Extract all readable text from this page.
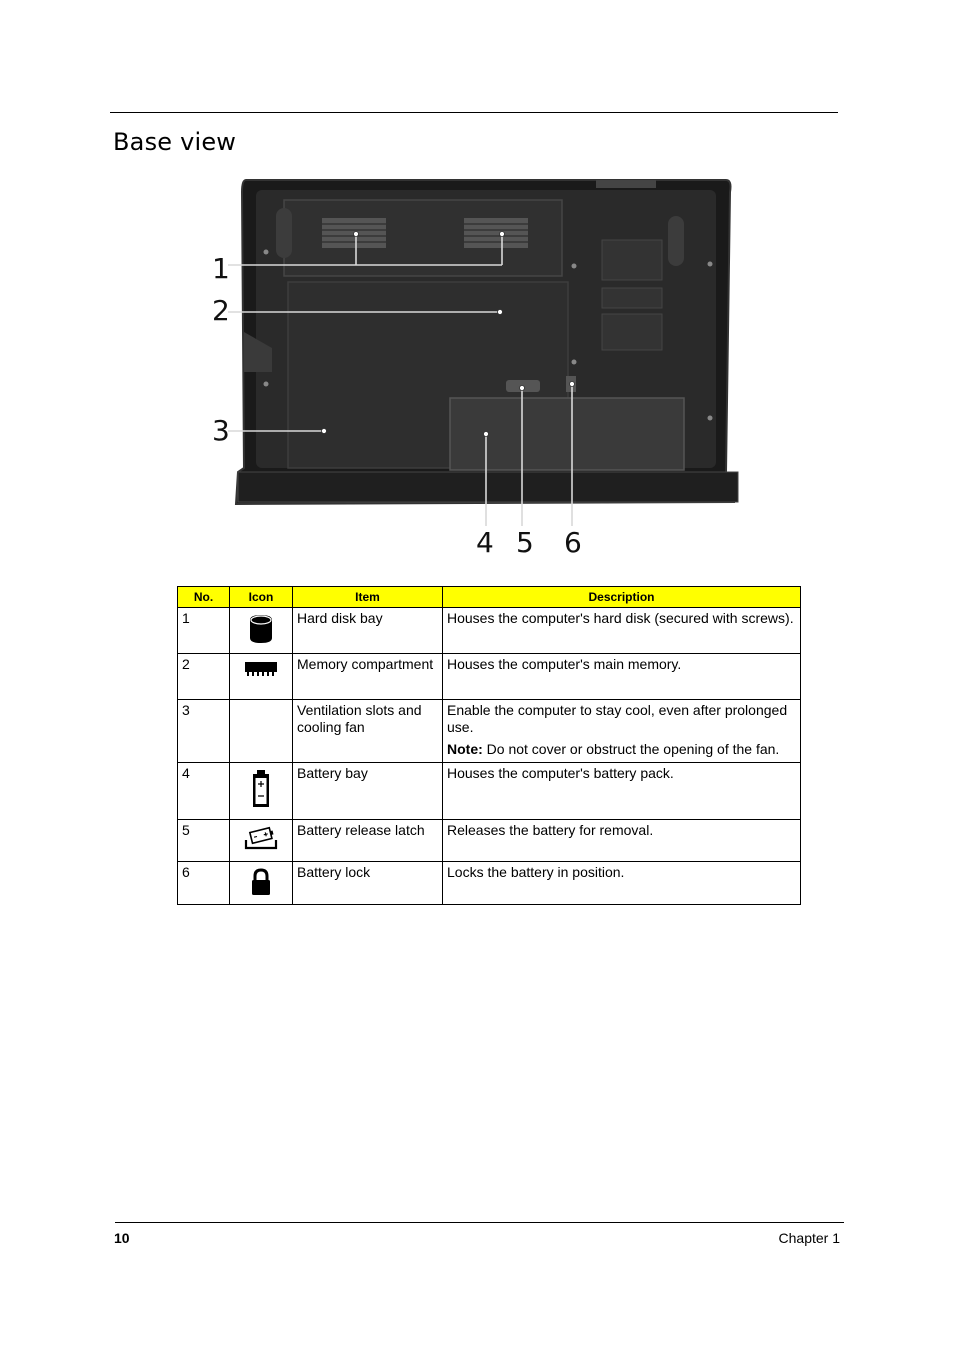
Base view
1
2
3
4 5 6
No.	Icon	Item	Description
1		Hard disk bay	Houses the computer's hard disk (secured with screws).
2		Memory compartment	Houses the computer's main memory.
3		Ventilation slots and cooling fan	Enable the computer to stay cool, even after prolonged use.
Note: Do not cover or obstruct the opening of the fan.

4		Battery bay	Houses the computer's battery pack.
5		Battery release latch	Releases the battery for removal.
6		Battery lock	Locks the battery in position.
10	Chapter 1
